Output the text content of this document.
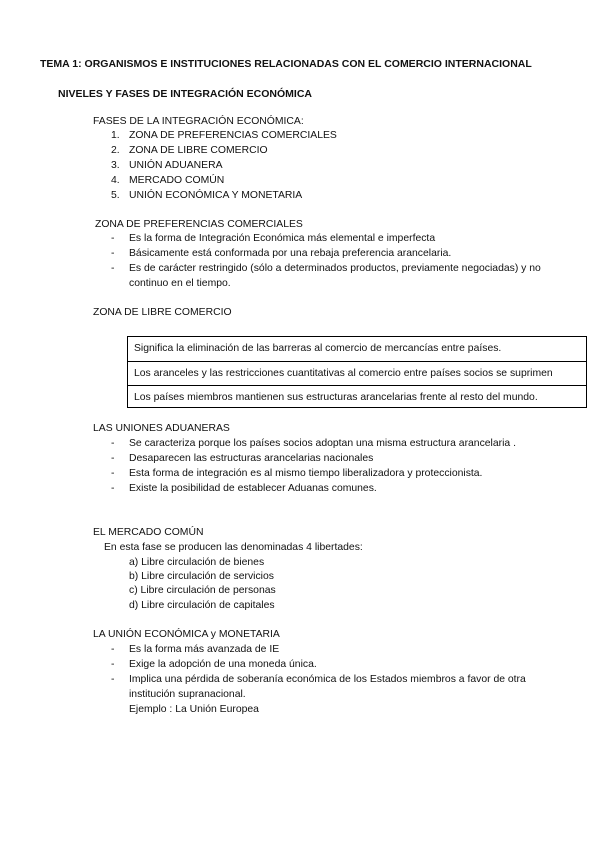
TEMA 1: ORGANISMOS E INSTITUCIONES RELACIONADAS CON EL COMERCIO INTERNACIONAL
NIVELES Y FASES DE INTEGRACIÓN ECONÓMICA
FASES DE LA INTEGRACIÓN ECONÓMICA:
1. ZONA DE PREFERENCIAS COMERCIALES
2. ZONA DE LIBRE COMERCIO
3. UNIÓN ADUANERA
4. MERCADO COMÚN
5. UNIÓN ECONÓMICA Y MONETARIA
ZONA DE PREFERENCIAS COMERCIALES
- Es la forma de Integración Económica más elemental e imperfecta
- Básicamente está conformada por una rebaja preferencia arancelaria.
- Es de carácter restringido (sólo a determinados productos, previamente negociadas) y no
continuo en el tiempo.
ZONA DE LIBRE COMERCIO
Significa la eliminación de las barreras al comercio de mercancías entre países.
Los aranceles y las restricciones cuantitativas al comercio entre países socios se suprimen
Los países miembros mantienen sus estructuras arancelarias frente al resto del mundo.
LAS UNIONES ADUANERAS
- Se caracteriza porque los países socios adoptan una misma estructura arancelaria .
- Desaparecen las estructuras arancelarias nacionales
- Esta forma de integración es al mismo tiempo liberalizadora y proteccionista.
- Existe la posibilidad de establecer Aduanas comunes.
EL MERCADO COMÚN
En esta fase se producen las denominadas 4 libertades:
a) Libre circulación de bienes
b) Libre circulación de servicios
c) Libre circulación de personas
d) Libre circulación de capitales
LA UNIÓN ECONÓMICA y MONETARIA
- Es la forma más avanzada de IE
- Exige la adopción de una moneda única.
- Implica una pérdida de soberanía económica de los Estados miembros a favor de otra
institución supranacional.
Ejemplo : La Unión Europea
